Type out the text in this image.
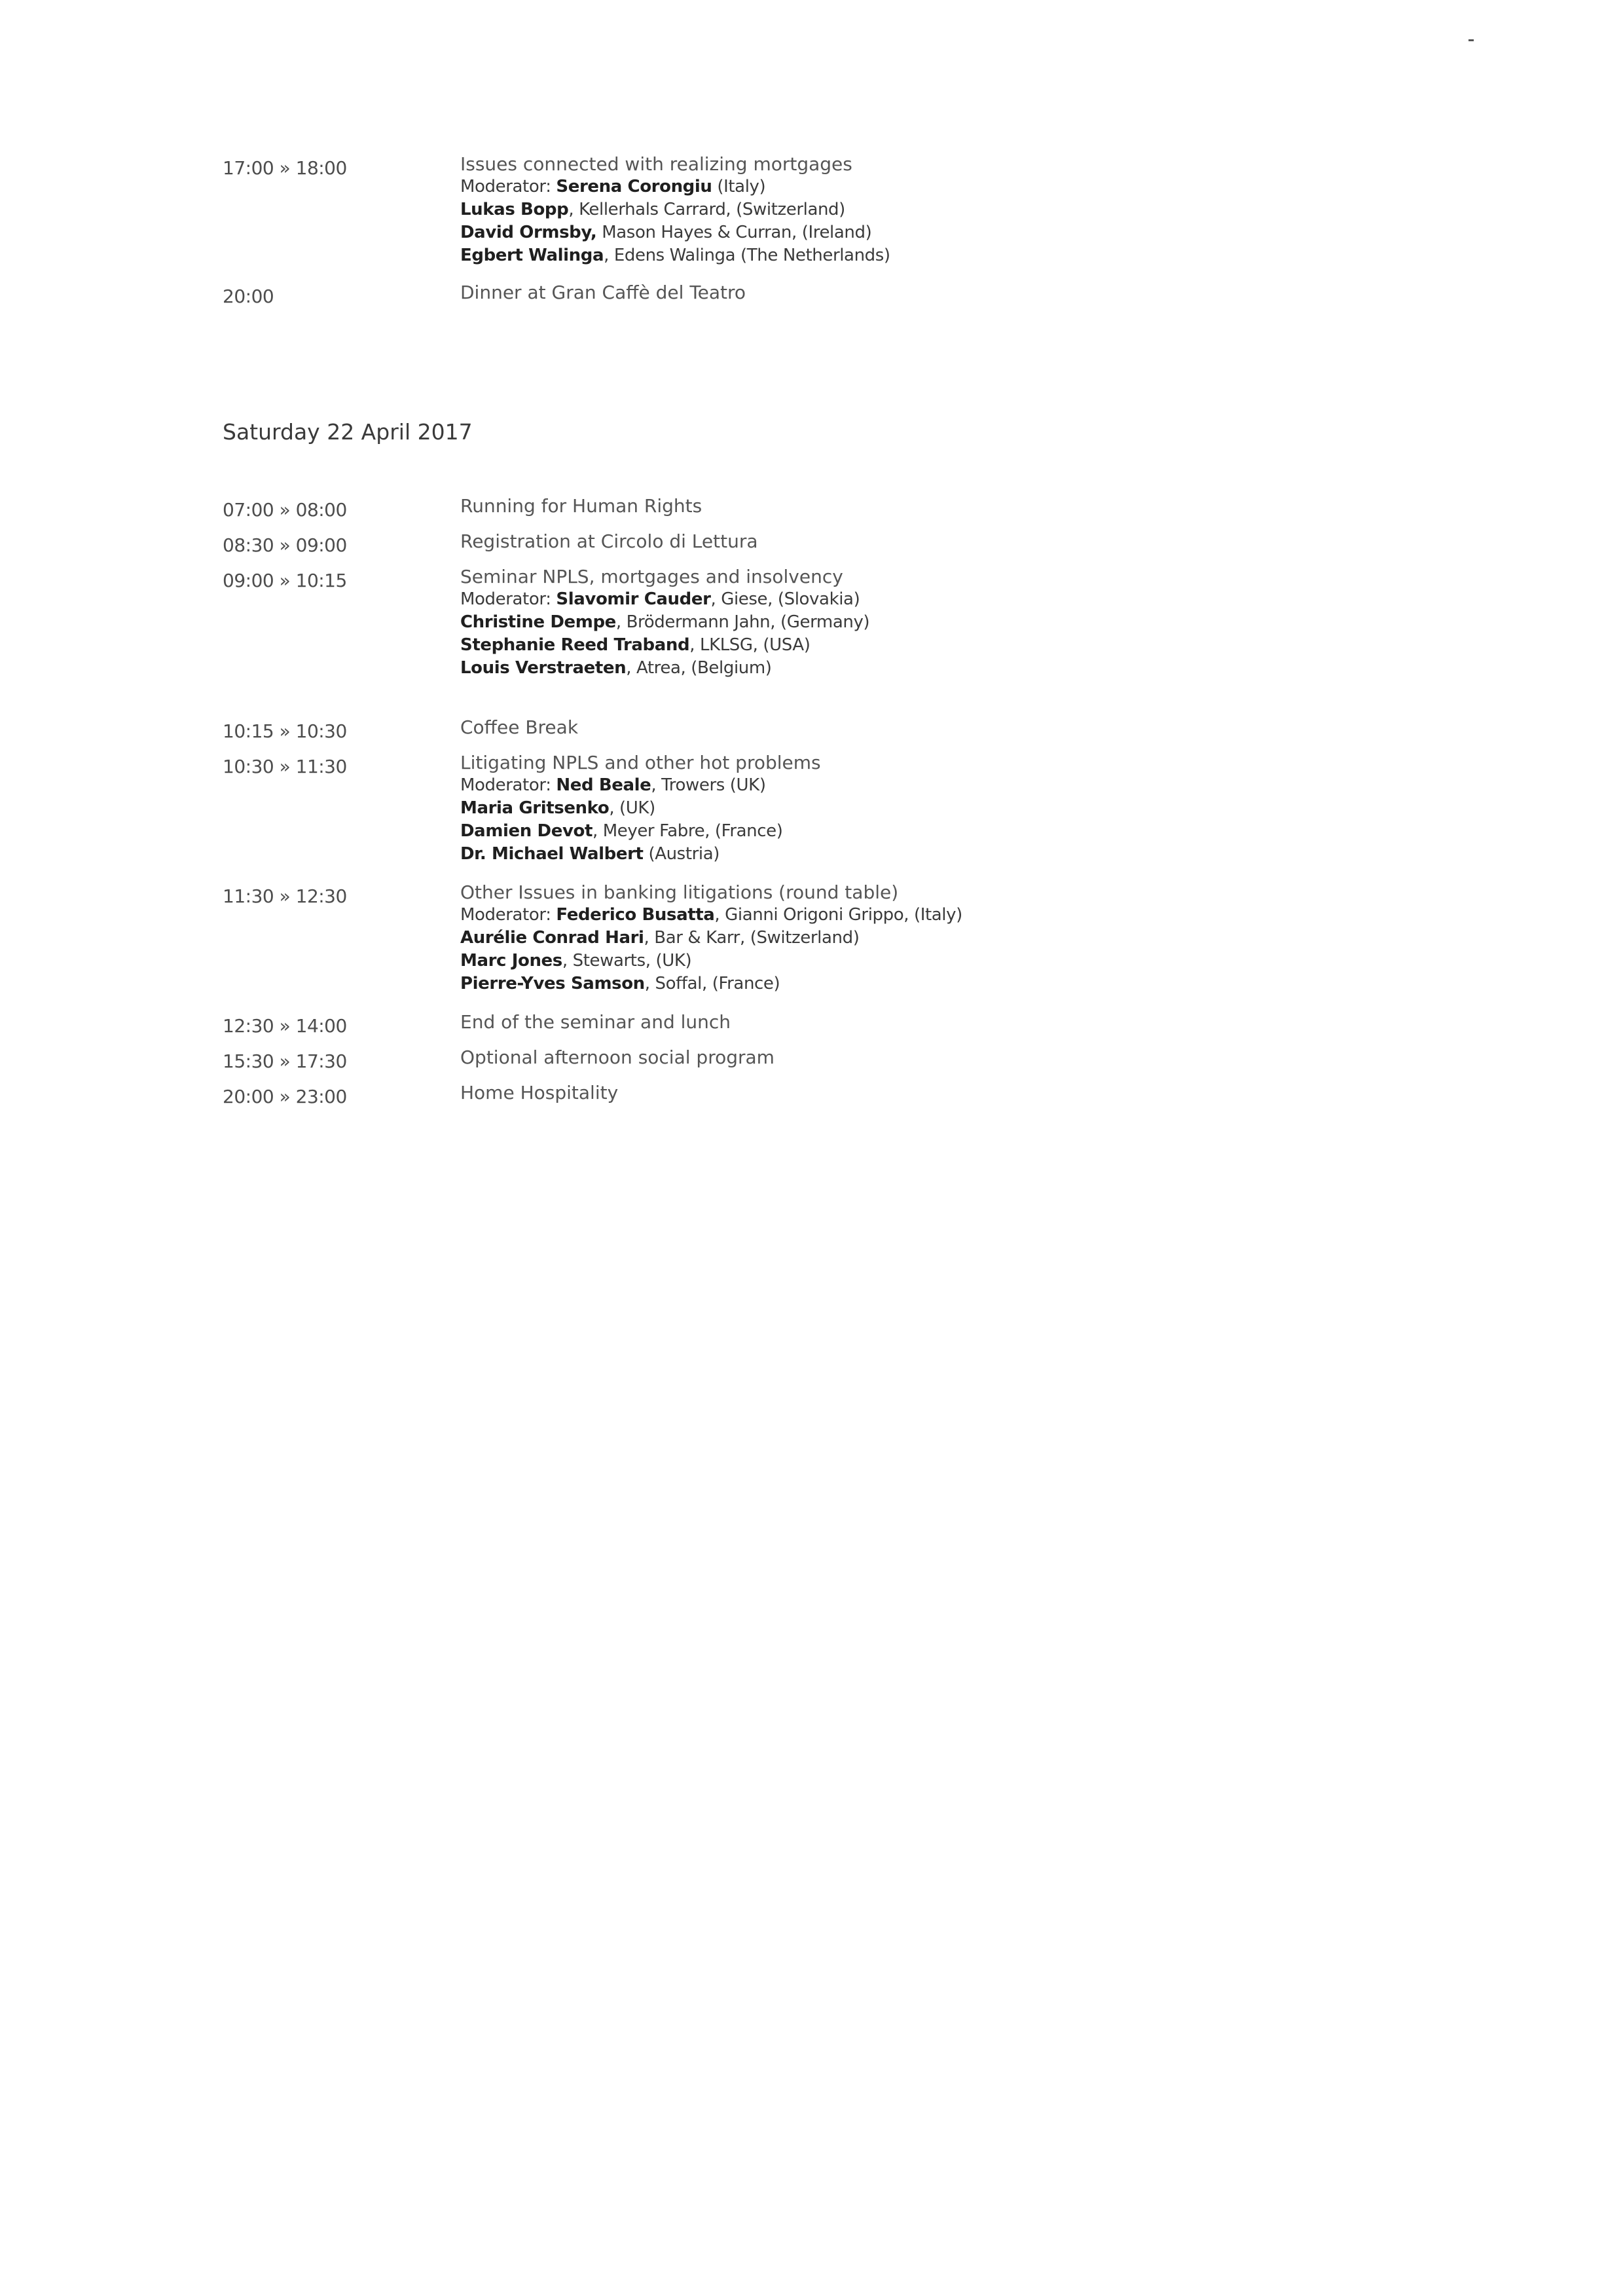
17:00 » 18:00	Issues connected with realizing mortgages
Moderator: Serena Corongiu (Italy)
Lukas Bopp, Kellerhals Carrard, (Switzerland)
David Ormsby, Mason Hayes & Curran, (Ireland)
Egbert Walinga, Edens Walinga (The Netherlands)
20:00	Dinner at Gran Caffè del Teatro
Saturday 22 April 2017
07:00 » 08:00	Running for Human Rights
08:30 » 09:00	Registration at Circolo di Lettura
09:00 » 10:15	Seminar NPLS, mortgages and insolvency
Moderator: Slavomir Cauder, Giese, (Slovakia)
Christine Dempe, Brödermann Jahn, (Germany)
Stephanie Reed Traband, LKLSG, (USA)
Louis Verstraeten, Atrea, (Belgium)
10:15 » 10:30	Coffee Break
10:30 » 11:30	Litigating NPLS and other hot problems
Moderator: Ned Beale, Trowers (UK)
Maria Gritsenko, (UK)
Damien Devot, Meyer Fabre, (France)
Dr. Michael Walbert (Austria)
11:30 » 12:30	Other Issues in banking litigations (round table)
Moderator: Federico Busatta, Gianni Origoni Grippo, (Italy)
Aurélie Conrad Hari, Bar & Karr, (Switzerland)
Marc Jones, Stewarts, (UK)
Pierre-Yves Samson, Soffal, (France)
12:30 » 14:00	End of the seminar and lunch
15:30 » 17:30	Optional afternoon social program
20:00 » 23:00	Home Hospitality
